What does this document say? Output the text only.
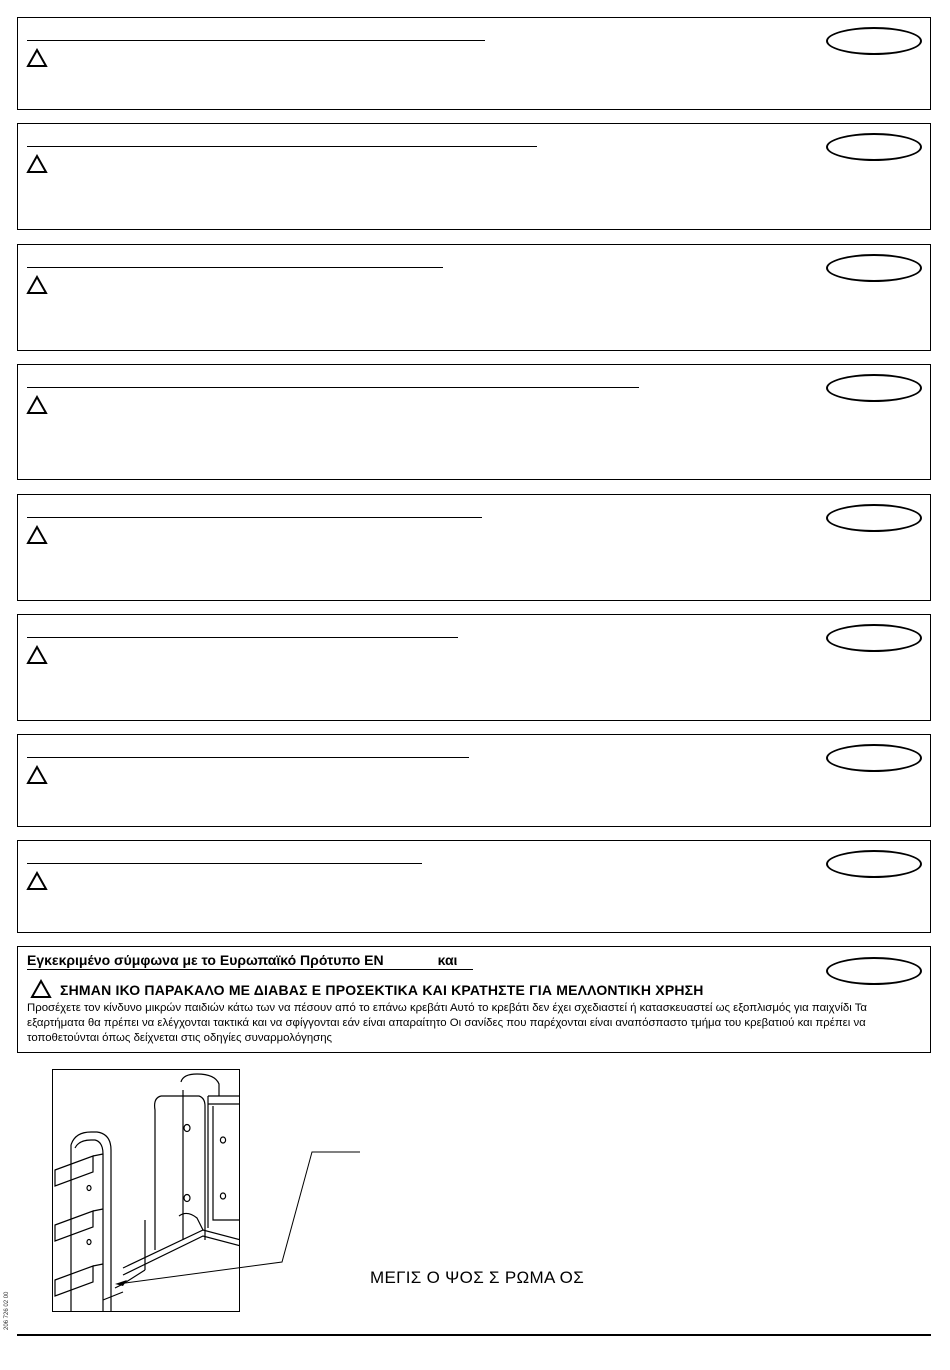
Εγκεκριμένο σύμφωνα με το Ευρωπαϊκό Πρότυπο ΕΝ	και
ΣΗΜΑΝ ΙΚΟ ΠΑΡΑΚΑΛΟ ΜΕ ΔΙΑΒΑΣ Ε ΠΡΟΣΕΚΤΙΚΑ ΚΑΙ ΚΡΑΤΗΣΤΕ ΓΙΑ ΜΕΛΛΟΝΤΙΚΗ ΧΡΗΣΗ
Προσέχετε τον κίνδυνο μικρών παιδιών κάτω των να πέσουν από το επάνω κρεβάτι Αυτό το κρεβάτι δεν έχει σχεδιαστεί ή κατασκευαστεί ως εξοπλισμός για παιχνίδι Τα εξαρτήματα θα πρέπει να ελέγχονται τακτικά και να σφίγγονται εάν είναι απαραίτητο Οι σανίδες που παρέχονται είναι αναπόσπαστο τμήμα του κρεβατιού και πρέπει να τοποθετούνται όπως δείχνεται στις οδηγίες συναρμολόγησης
ΜΕΓΙΣ Ο ΨΟΣ Σ ΡΩΜΑ ΟΣ
206 726 02 00
